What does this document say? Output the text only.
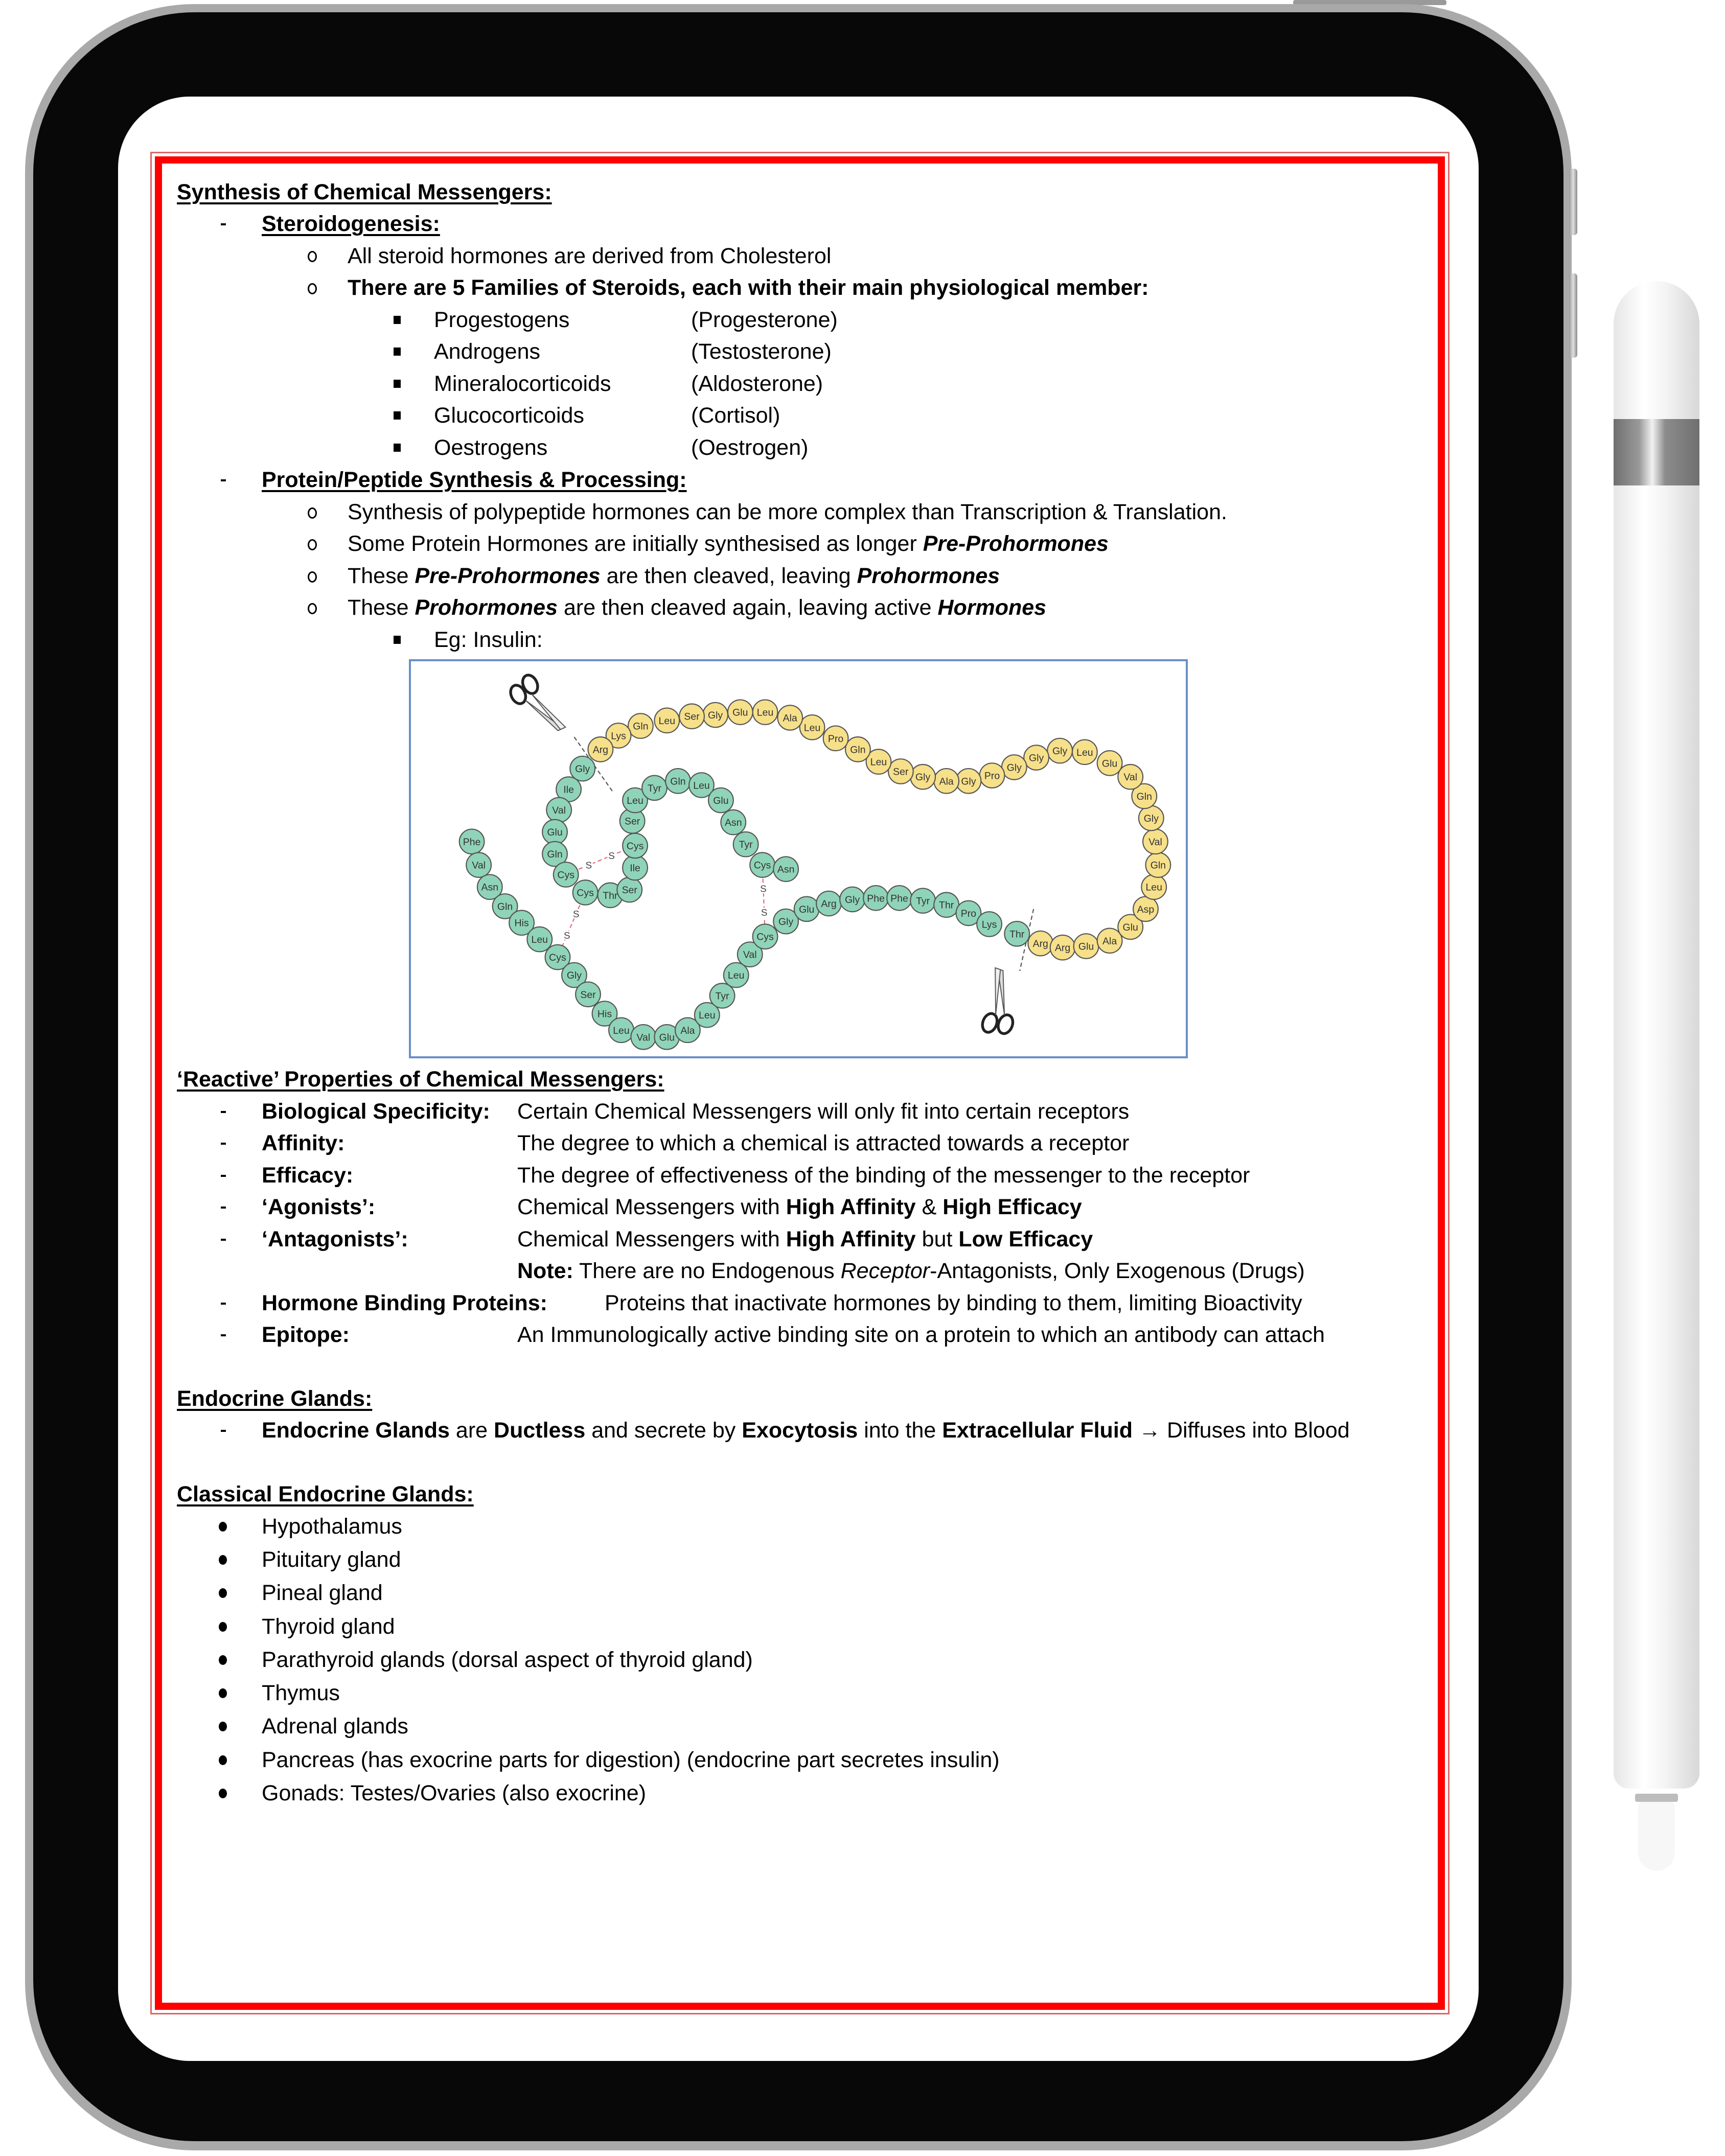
Synthesis of Chemical Messengers:
Steroidogenesis:
All steroid hormones are derived from Cholesterol
There are 5 Families of Steroids, each with their main physiological member:
Progestogens	(Progesterone)
Androgens	(Testosterone)
Mineralocorticoids	(Aldosterone)
Glucocorticoids	(Cortisol)
Oestrogens	(Oestrogen)
Protein/Peptide Synthesis & Processing:
Synthesis of polypeptide hormones can be more complex than Transcription & Translation.
Some Protein Hormones are initially synthesised as longer Pre-Prohormones
These Pre-Prohormones are then cleaved, leaving Prohormones
These Prohormones are then cleaved again, leaving active Hormones
Eg: Insulin:
S
S
S
S
S
S
Arg Arg Glu Ala
Glu
Asp
Leu
Gln
Val
Gly
Gln
Val
Glu
Leu
Gly
Gly
Gly
Pro
Gly
Ala
Gly
Ser
Leu
Gln
Pro
Leu
Ala
Leu
Glu
Gly
Ser
Leu
Gln
Lys
Arg
Phe
Val
Asn
Gln
His
Leu
Cys
Gly
Ser
His
Leu
Val Glu
Ala
Leu
Tyr
Leu
Val
Cys
Gly
Glu Arg Gly Phe Phe Tyr Thr
Pro
Lys
Thr
Gly
Ile
Val
Glu
Gln
Cys
Cys Thr Ser
Ile
Cys
Ser
Leu
Tyr
Gln Leu
Glu
Asn
Tyr
Cys Asn
‘Reactive’ Properties of Chemical Messengers:
Biological Specificity: Certain Chemical Messengers will only fit into certain receptors
Affinity:	The degree to which a chemical is attracted towards a receptor
Efficacy:	The degree of effectiveness of the binding of the messenger to the receptor
‘Agonists’:	Chemical Messengers with High Affinity & High Efficacy
‘Antagonists’:	Chemical Messengers with High Affinity but Low Efficacy
Note: There are no Endogenous Receptor-Antagonists, Only Exogenous (Drugs)
Hormone Binding Proteins:	Proteins that inactivate hormones by binding to them, limiting Bioactivity
Epitope:	An Immunologically active binding site on a protein to which an antibody can attach
Endocrine Glands:
Endocrine Glands are Ductless and secrete by Exocytosis into the Extracellular Fluid → Diffuses into Blood
Classical Endocrine Glands:
Hypothalamus
Pituitary gland
Pineal gland
Thyroid gland
Parathyroid glands (dorsal aspect of thyroid gland)
Thymus
Adrenal glands
Pancreas (has exocrine parts for digestion) (endocrine part secretes insulin)
Gonads: Testes/Ovaries (also exocrine)
